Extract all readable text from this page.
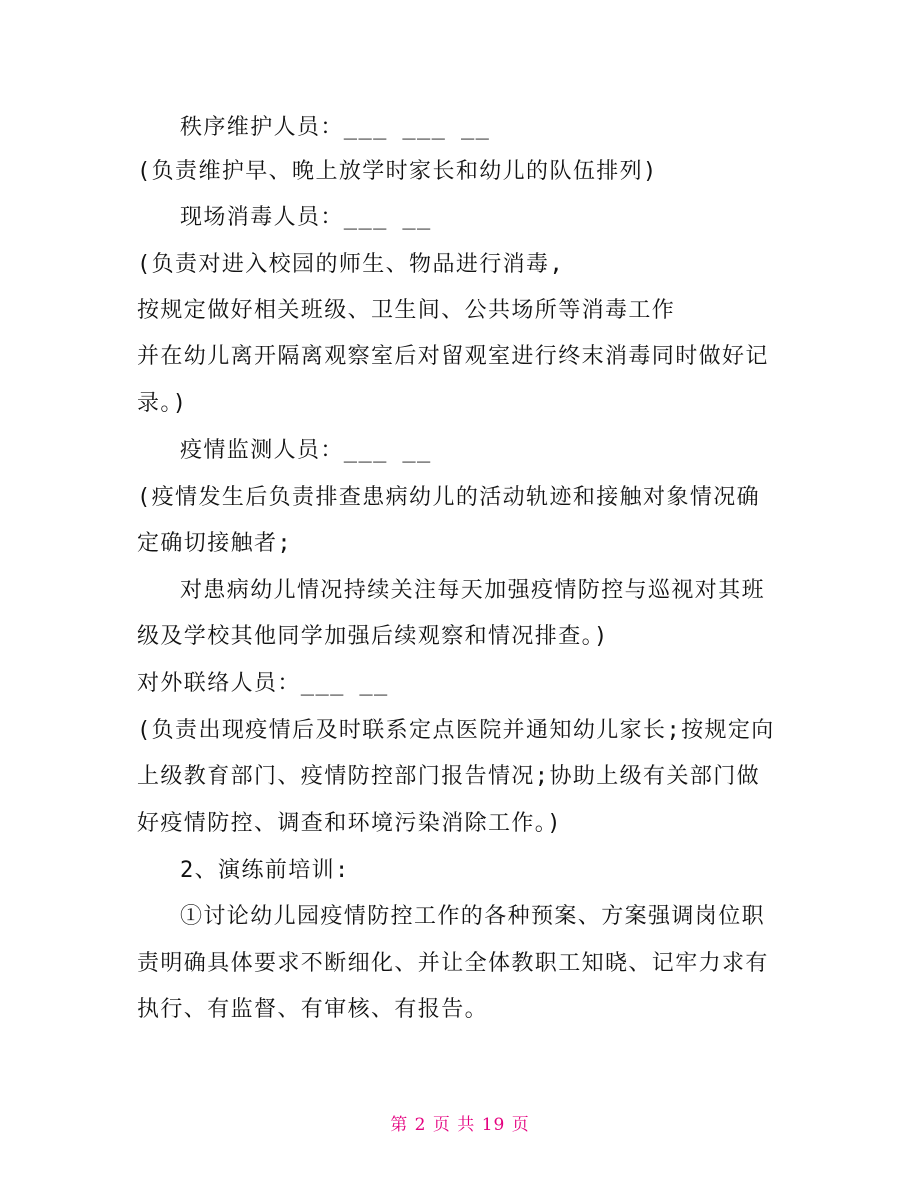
秩序维护人员：___ ___ __
(负责维护早、晚上放学时家长和幼儿的队伍排列)
现场消毒人员：___ __
(负责对进入校园的师生、物品进行消毒,
按规定做好相关班级、卫生间、公共场所等消毒工作
并在幼儿离开隔离观察室后对留观室进行终末消毒同时做好记
录。)
疫情监测人员：___ __
(疫情发生后负责排查患病幼儿的活动轨迹和接触对象情况确
定确切接触者;
对患病幼儿情况持续关注每天加强疫情防控与巡视对其班
级及学校其他同学加强后续观察和情况排查。)
对外联络人员：___ __
(负责出现疫情后及时联系定点医院并通知幼儿家长;按规定向
上级教育部门、疫情防控部门报告情况;协助上级有关部门做
好疫情防控、调查和环境污染消除工作。)
2、演练前培训:
①讨论幼儿园疫情防控工作的各种预案、方案强调岗位职
责明确具体要求不断细化、并让全体教职工知晓、记牢力求有
执行、有监督、有审核、有报告。
第 2 页 共 19 页
